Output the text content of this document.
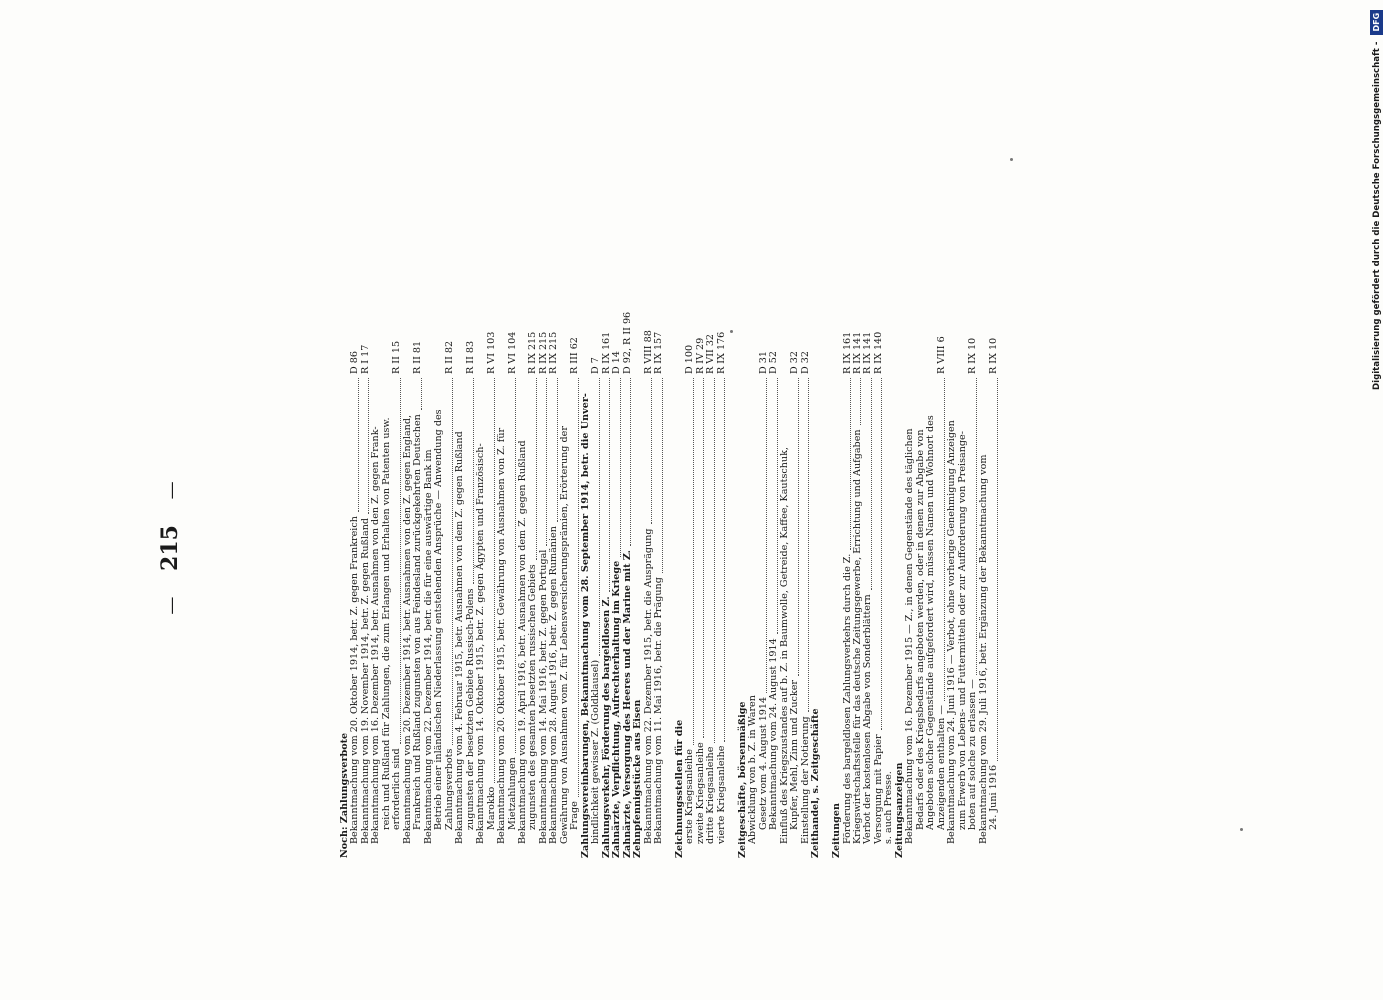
— 215 —
Noch: Zahlungsverbote Bekanntmachung vom 20. Oktober 1914, betr. Z. gegen Frankreich
D 86
Bekanntmachung vom 19. November 1914, betr. Z. gegen Rußland
R I 17
Bekanntmachung vom 16. Dezember 1914, betr. Ausnahmen von den Z. gegen Frank- reich und Rußland für Zahlungen, die zum Erlangen und Erhalten von Patenten usw. erforderlich sind
R II 15
Bekanntmachung vom 20. Dezember 1914, betr. Ausnahmen von den Z. gegen England, Frankreich und Rußland zugunsten von aus Feindesland zurückgekehrten Deutschen
R II 81
Bekanntmachung vom 22. Dezember 1914, betr. die für eine auswärtige Bank im Betrieb einer inländischen Niederlassung entstehenden Ansprüche — Anwendung des Zahlungsverbots
R II 82
Bekanntmachung vom 4. Februar 1915, betr. Ausnahmen von dem Z. gegen Rußland zugunsten der besetzten Gebiete Russisch-Polens
R II 83
Bekanntmachung vom 14. Oktober 1915, betr. Z. gegen Ägypten und Französisch- Marokko
R VI 103
Bekanntmachung vom 20. Oktober 1915, betr. Gewährung von Ausnahmen von Z. für Mietzahlungen
R VI 104
Bekanntmachung vom 19. April 1916, betr. Ausnahmen von dem Z. gegen Rußland zugunsten des gesamten besetzten russischen Gebiets
R IX 215
Bekanntmachung vom 14. Mai 1916, betr. Z. gegen Portugal
R IX 215
Bekanntmachung vom 28. August 1916, betr. Z. gegen Rumänien
R IX 215
Gewährung von Ausnahmen vom Z. für Lebensversicherungsprämien, Erörterung der Frage
R III 62
Zahlungsvereinbarungen, Bekanntmachung vom 28. September 1914, betr. die Unver- bindlichkeit gewisser Z. (Goldklausel)
D 7
Zahlungsverkehr, Förderung des bargeldlosen Z.
R IX 161
Zahnärzte, Verpflichtung, Aufrechterhaltung im Kriege
D 14
Zahnärzte, Versorgung des Heeres und der Marine mit Z.
D 92, R II 96
Zehnpfennigstücke aus Eisen Bekanntmachung vom 22. Dezember 1915, betr. die Ausprägung
R VIII 88
Bekanntmachung vom 11. Mai 1916, betr. die Prägung
R IX 157
Zeichnungsstellen für die erste Kriegsanleihe
D 100
zweite Kriegsanleihe
R IV 29
dritte Kriegsanleihe
R VII 32
vierte Kriegsanleihe
R IX 176
Zeitgeschäfte, börsenmäßige Abwicklung von b. Z. in Waren Gesetz vom 4. August 1914
D 31
Bekanntmachung vom 24. August 1914
D 52
Einfluß des Kriegszustandes auf b. Z. in Baumwolle, Getreide, Kaffee, Kautschuk, Kupfer, Mehl, Zinn und Zucker
D 32
Einstellung der Notierung
D 32
Zeithandel, s. Zeitgeschäfte Zeitungen Förderung des bargeldlosen Zahlungsverkehrs durch die Z.
R IX 161
Kriegswirtschaftsstelle für das deutsche Zeitungsgewerbe, Errichtung und Aufgaben
R IX 141
Verbot der kostenlosen Abgabe von Sonderblättern
R IX 141
Versorgung mit Papier
R IX 140
s. auch Presse. Zeitungsanzeigen Bekanntmachung vom 16. Dezember 1915 — Z., in denen Gegenstände des täglichen Bedarfs oder des Kriegsbedarfs angeboten werden, oder in denen zur Abgabe von Angeboten solcher Gegenstände aufgefordert wird, müssen Namen und Wohnort des Anzeigenden enthalten —
R VIII 6
Bekanntmachung vom 24. Juni 1916 — Verbot, ohne vorherige Genehmigung Anzeigen zum Erwerb von Lebens- und Futtermitteln oder zur Aufforderung von Preisange- boten auf solche zu erlassen —
R IX 10
Bekanntmachung vom 29. Juli 1916, betr. Ergänzung der Bekanntmachung vom 24. Juni 1916
R IX 10	Digitalisierung gefördert durch die Deutsche Forschungsgemeinschaft - DFG
